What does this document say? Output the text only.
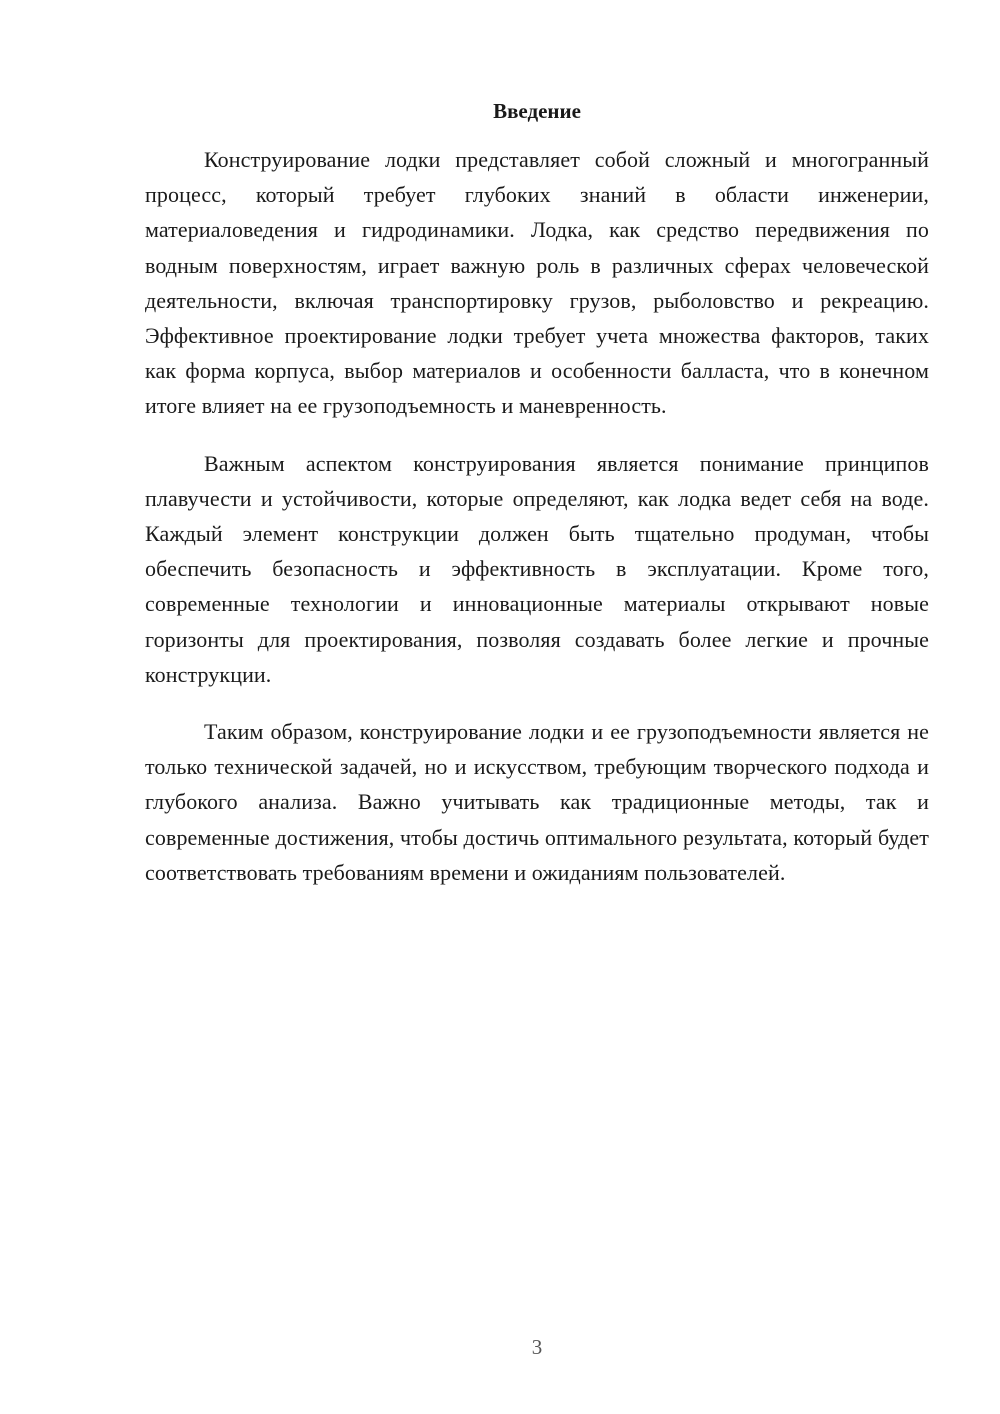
Введение

Конструирование лодки представляет собой сложный и многогранный процесс, который требует глубоких знаний в области инженерии, материаловедения и гидродинамики. Лодка, как средство передвижения по водным поверхностям, играет важную роль в различных сферах человеческой деятельности, включая транспортировку грузов, рыболовство и рекреацию. Эффективное проектирование лодки требует учета множества факторов, таких как форма корпуса, выбор материалов и особенности балласта, что в конечном итоге влияет на ее грузоподъемность и маневренность.

Важным аспектом конструирования является понимание принципов плавучести и устойчивости, которые определяют, как лодка ведет себя на воде. Каждый элемент конструкции должен быть тщательно продуман, чтобы обеспечить безопасность и эффективность в эксплуатации. Кроме того, современные технологии и инновационные материалы открывают новые горизонты для проектирования, позволяя создавать более легкие и прочные конструкции.

Таким образом, конструирование лодки и ее грузоподъемности является не только технической задачей, но и искусством, требующим творческого подхода и глубокого анализа. Важно учитывать как традиционные методы, так и современные достижения, чтобы достичь оптимального результата, который будет соответствовать требованиям времени и ожиданиям пользователей.

3
